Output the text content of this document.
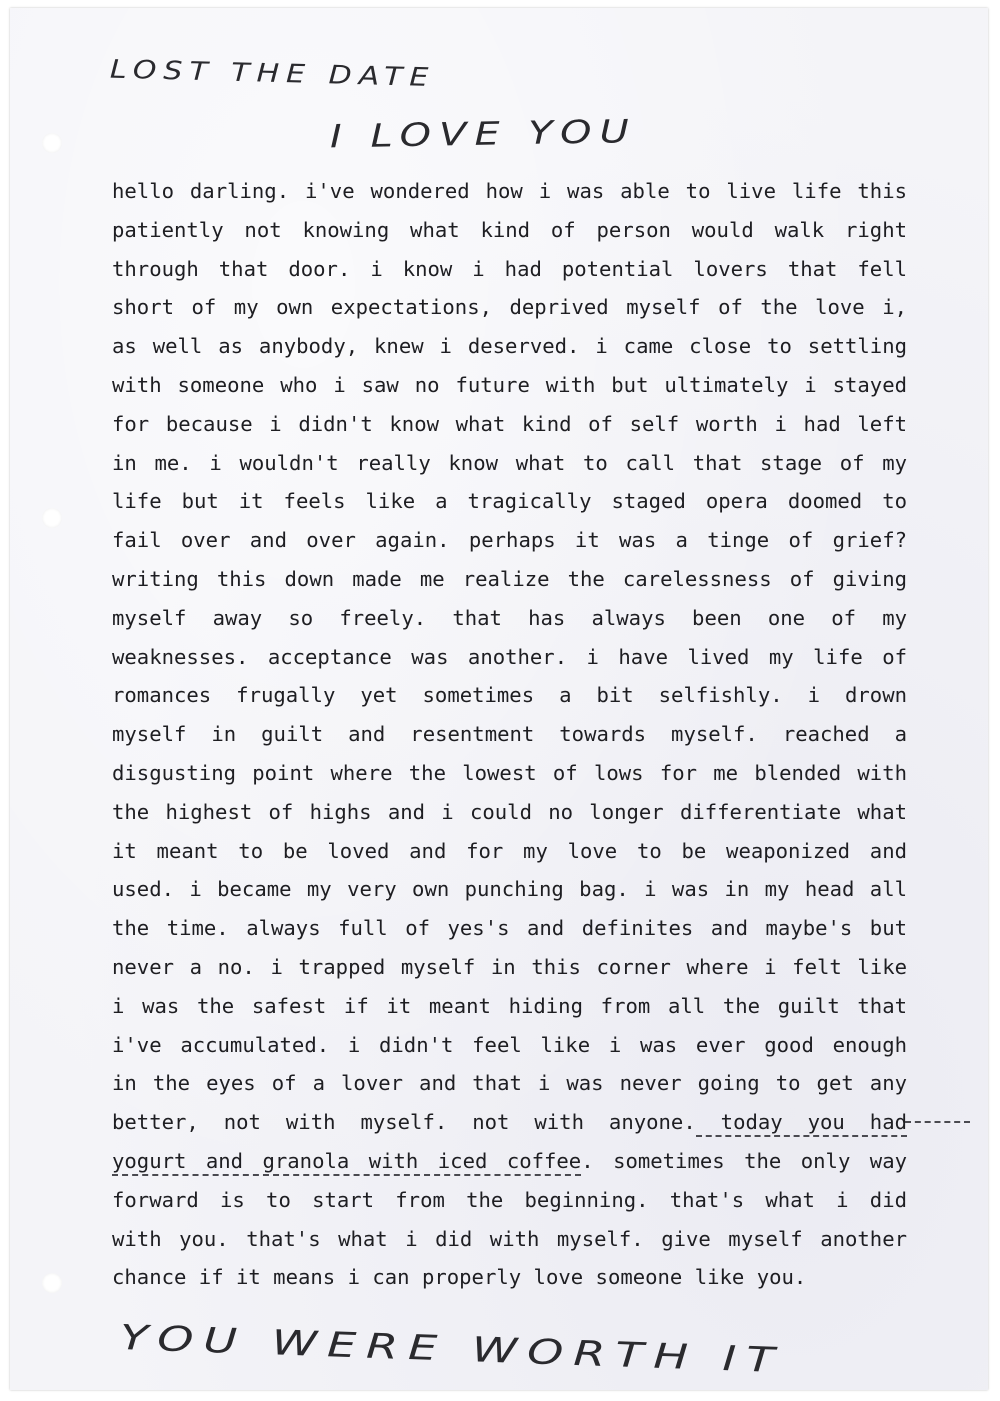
LOST THE DATE
I LOVE YOU
hello darling. i've wondered how i was able to live life this
patiently not knowing what kind of person would walk right
through that door. i know i had potential lovers that fell
short of my own expectations, deprived myself of the love i,
as well as anybody, knew i deserved. i came close to settling
with someone who i saw no future with but ultimately i stayed
for because i didn't know what kind of self worth i had left
in me. i wouldn't really know what to call that stage of my
life but it feels like a tragically staged opera doomed to
fail over and over again. perhaps it was a tinge of grief?
writing this down made me realize the carelessness of giving
myself away so freely. that has always been one of my
weaknesses. acceptance was another. i have lived my life of
romances frugally yet sometimes a bit selfishly. i drown
myself in guilt and resentment towards myself. reached a
disgusting point where the lowest of lows for me blended with
the highest of highs and i could no longer differentiate what
it meant to be loved and for my love to be weaponized and
used. i became my very own punching bag. i was in my head all
the time. always full of yes's and definites and maybe's but
never a no. i trapped myself in this corner where i felt like
i was the safest if it meant hiding from all the guilt that
i've accumulated. i didn't feel like i was ever good enough
in the eyes of a lover and that i was never going to get any
better, not with myself. not with anyone. today you had
yogurt and granola with iced coffee. sometimes the only way
forward is to start from the beginning. that's what i did
with you. that's what i did with myself. give myself another
chance if it means i can properly love someone like you.
YOU WERE WORTH IT
